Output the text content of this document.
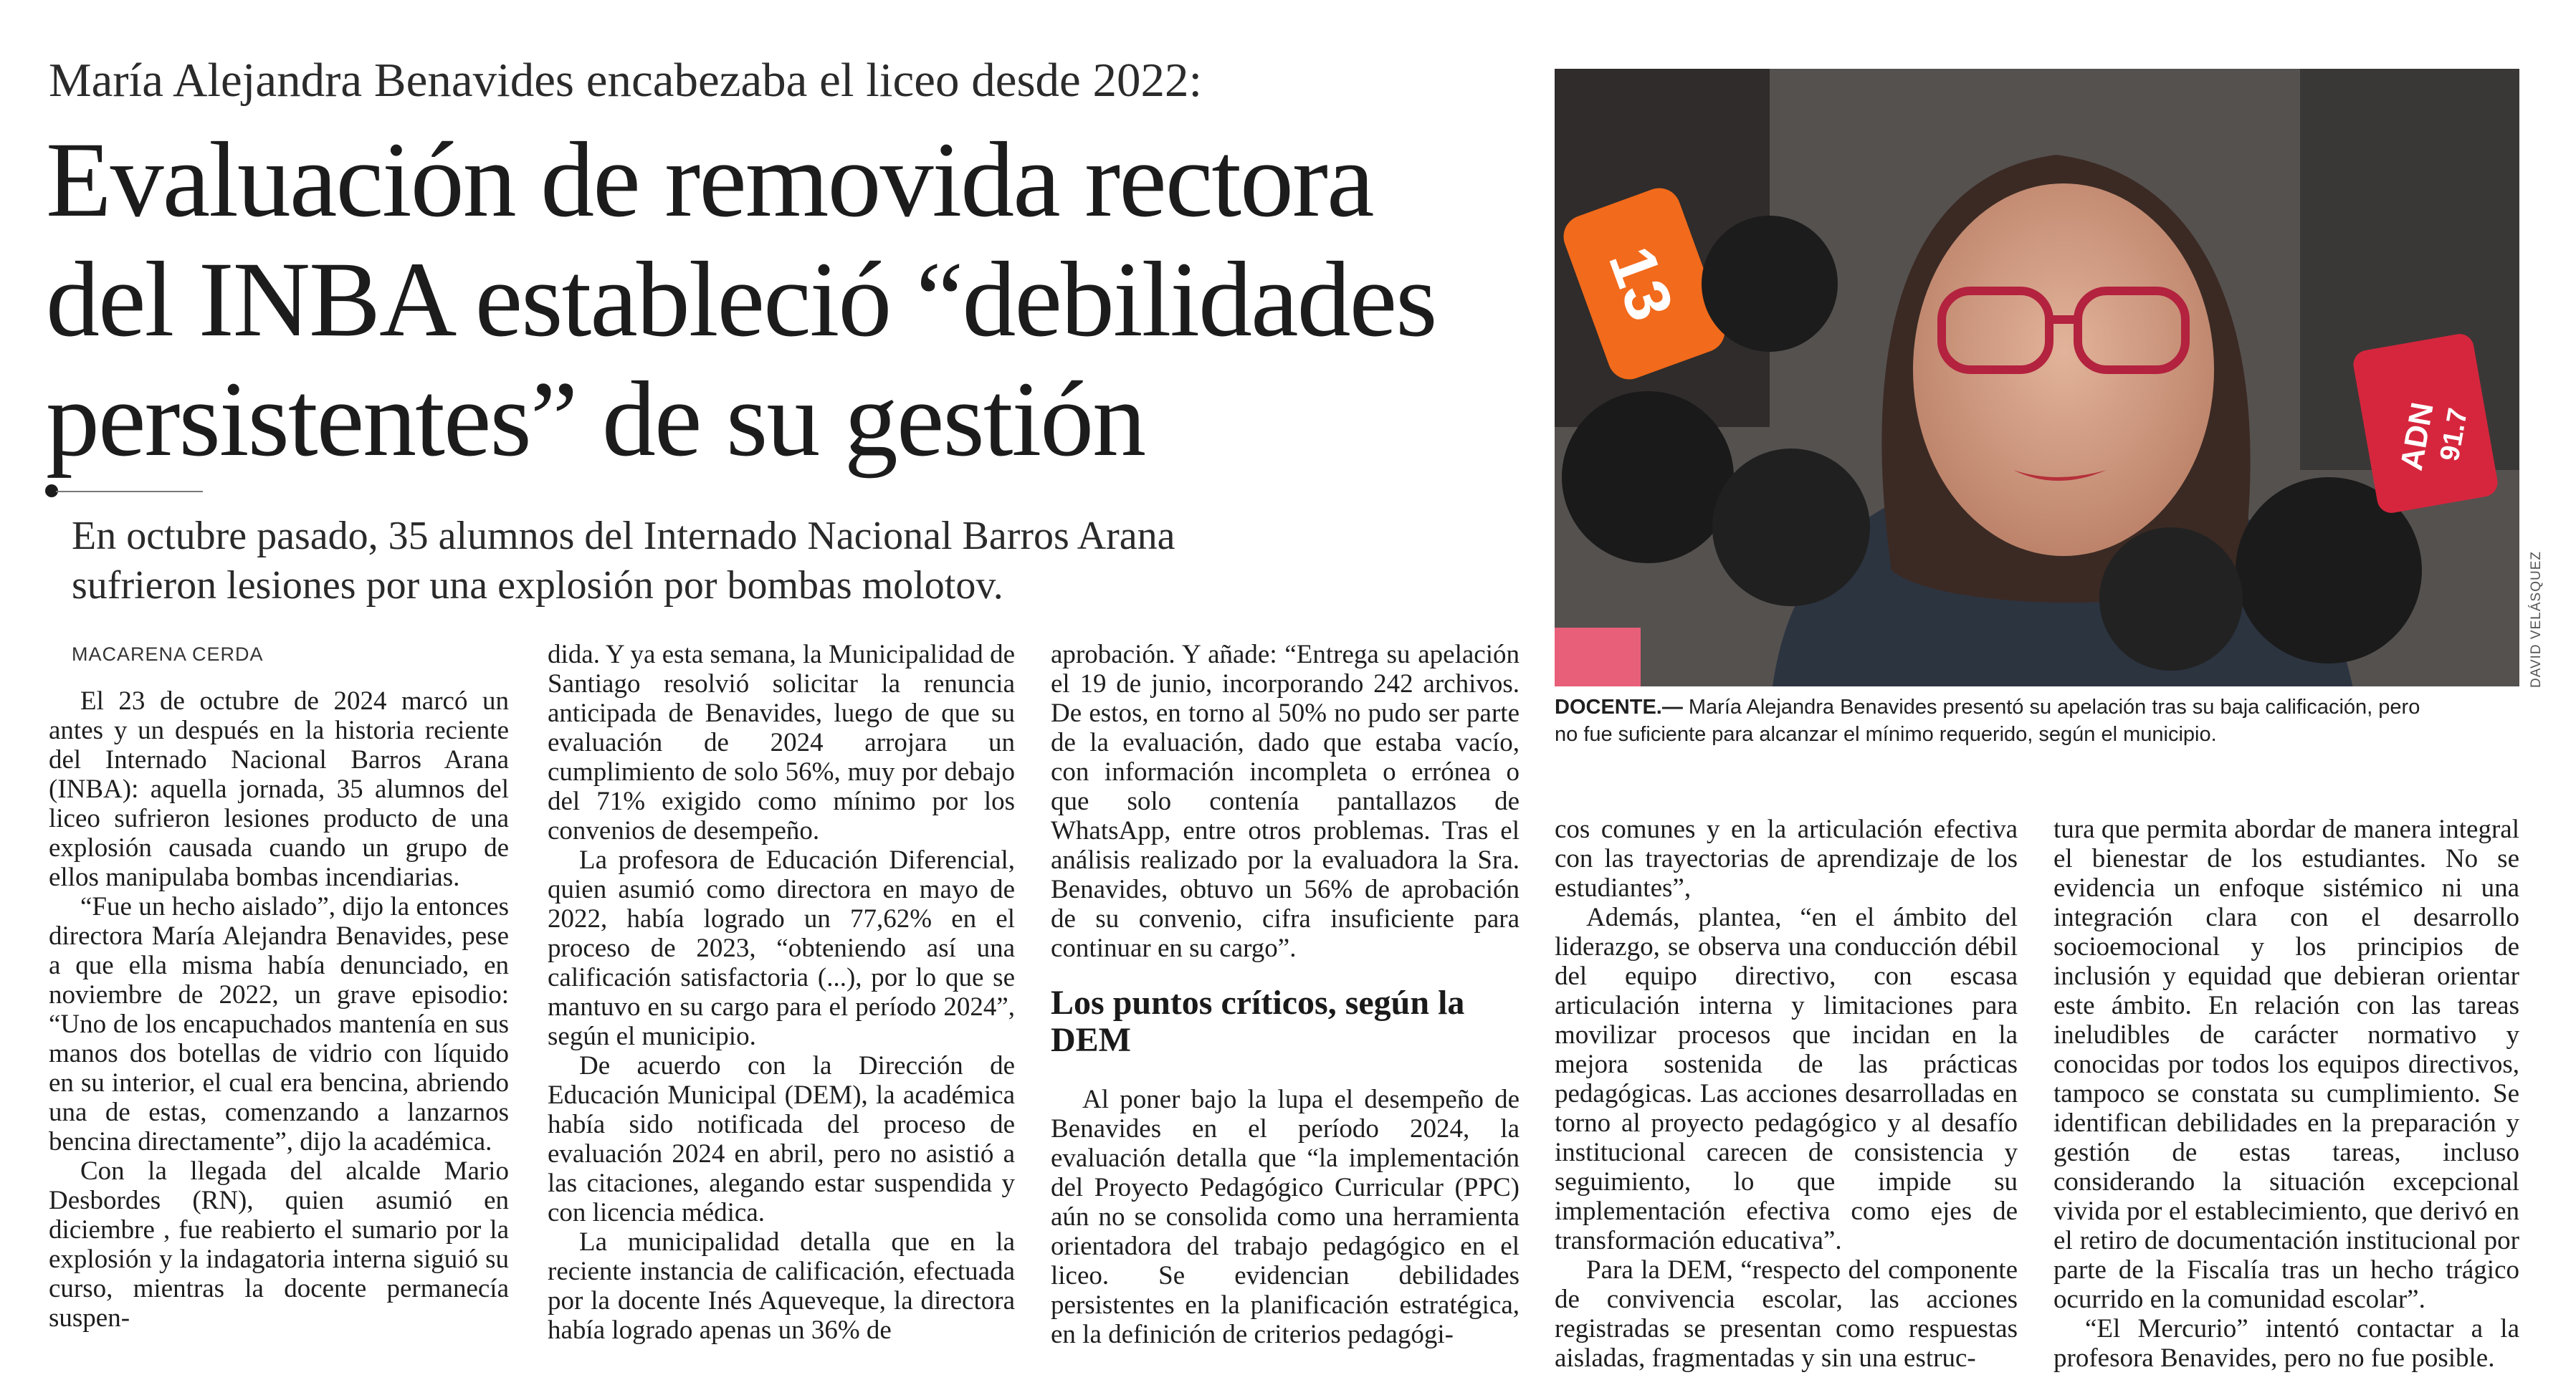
María Alejandra Benavides encabezaba el liceo desde 2022:
Evaluación de removida rectora
del INBA estableció “debilidades
persistentes” de su gestión
En octubre pasado, 35 alumnos del Internado Nacional Barros Arana
sufrieron lesiones por una explosión por bombas molotov.
MACARENA CERDA

El 23 de octubre de 2024 marcó un antes y un después en la historia reciente del Internado Nacional Barros Arana (INBA): aquella jornada, 35 alumnos del liceo sufrieron lesiones producto de una explosión causada cuando un grupo de ellos manipulaba bombas incendiarias.

“Fue un hecho aislado”, dijo la entonces directora María Alejandra Benavides, pese a que ella misma había denunciado, en noviembre de 2022, un grave episodio: “Uno de los encapuchados mantenía en sus manos dos botellas de vidrio con líquido en su interior, el cual era bencina, abriendo una de estas, comenzando a lanzarnos bencina directamente”, dijo la académica.

Con la llegada del alcalde Mario Desbordes (RN), quien asumió en diciembre , fue reabierto el sumario por la explosión y la indagatoria interna siguió su curso, mientras la docente permanecía suspen-

dida. Y ya esta semana, la Municipalidad de Santiago resolvió solicitar la renuncia anticipada de Benavides, luego de que su evaluación de 2024 arrojara un cumplimiento de solo 56%, muy por debajo del 71% exigido como mínimo por los convenios de desempeño.

La profesora de Educación Diferencial, quien asumió como directora en mayo de 2022, había logrado un 77,62% en el proceso de 2023, “obteniendo así una calificación satisfactoria (...), por lo que se mantuvo en su cargo para el período 2024”, según el municipio.

De acuerdo con la Dirección de Educación Municipal (DEM), la académica había sido notificada del proceso de evaluación 2024 en abril, pero no asistió a las citaciones, alegando estar suspendida y con licencia médica.

La municipalidad detalla que en la reciente instancia de calificación, efectuada por la docente Inés Aqueveque, la directora había logrado apenas un 36% de

aprobación. Y añade: “Entrega su apelación el 19 de junio, incorporando 242 archivos. De estos, en torno al 50% no pudo ser parte de la evaluación, dado que estaba vacío, con información incompleta o errónea o que solo contenía pantallazos de WhatsApp, entre otros problemas. Tras el análisis realizado por la evaluadora la Sra. Benavides, obtuvo un 56% de aprobación de su convenio, cifra insuficiente para continuar en su cargo”.

Los puntos críticos, según la DEM

Al poner bajo la lupa el desempeño de Benavides en el período 2024, la evaluación detalla que “la implementación del Proyecto Pedagógico Curricular (PPC) aún no se consolida como una herramienta orientadora del trabajo pedagógico en el liceo. Se evidencian debilidades persistentes en la planificación estratégica, en la definición de criterios pedagógi-

cos comunes y en la articulación efectiva con las trayectorias de aprendizaje de los estudiantes”,

Además, plantea, “en el ámbito del liderazgo, se observa una conducción débil del equipo directivo, con escasa articulación interna y limitaciones para movilizar procesos que incidan en la mejora sostenida de las prácticas pedagógicas. Las acciones desarrolladas en torno al proyecto pedagógico y al desafío institucional carecen de consistencia y seguimiento, lo que impide su implementación efectiva como ejes de transformación educativa”.

Para la DEM, “respecto del componente de convivencia escolar, las acciones registradas se presentan como respuestas aisladas, fragmentadas y sin una estruc-

tura que permita abordar de manera integral el bienestar de los estudiantes. No se evidencia un enfoque sistémico ni una integración clara con el desarrollo socioemocional y los principios de inclusión y equidad que debieran orientar este ámbito. En relación con las tareas ineludibles de carácter normativo y conocidas por todos los equipos directivos, tampoco se constata su cumplimiento. Se identifican debilidades en la preparación y gestión de estas tareas, incluso considerando la situación excepcional vivida por el establecimiento, que derivó en el retiro de documentación institucional por parte de la Fiscalía tras un hecho trágico ocurrido en la comunidad escolar”.

“El Mercurio” intentó contactar a la profesora Benavides, pero no fue posible.

13
ADN
91.7
DAVID VELÁSQUEZ
DOCENTE.— María Alejandra Benavides presentó su apelación tras su baja calificación, pero
no fue suficiente para alcanzar el mínimo requerido, según el municipio.
